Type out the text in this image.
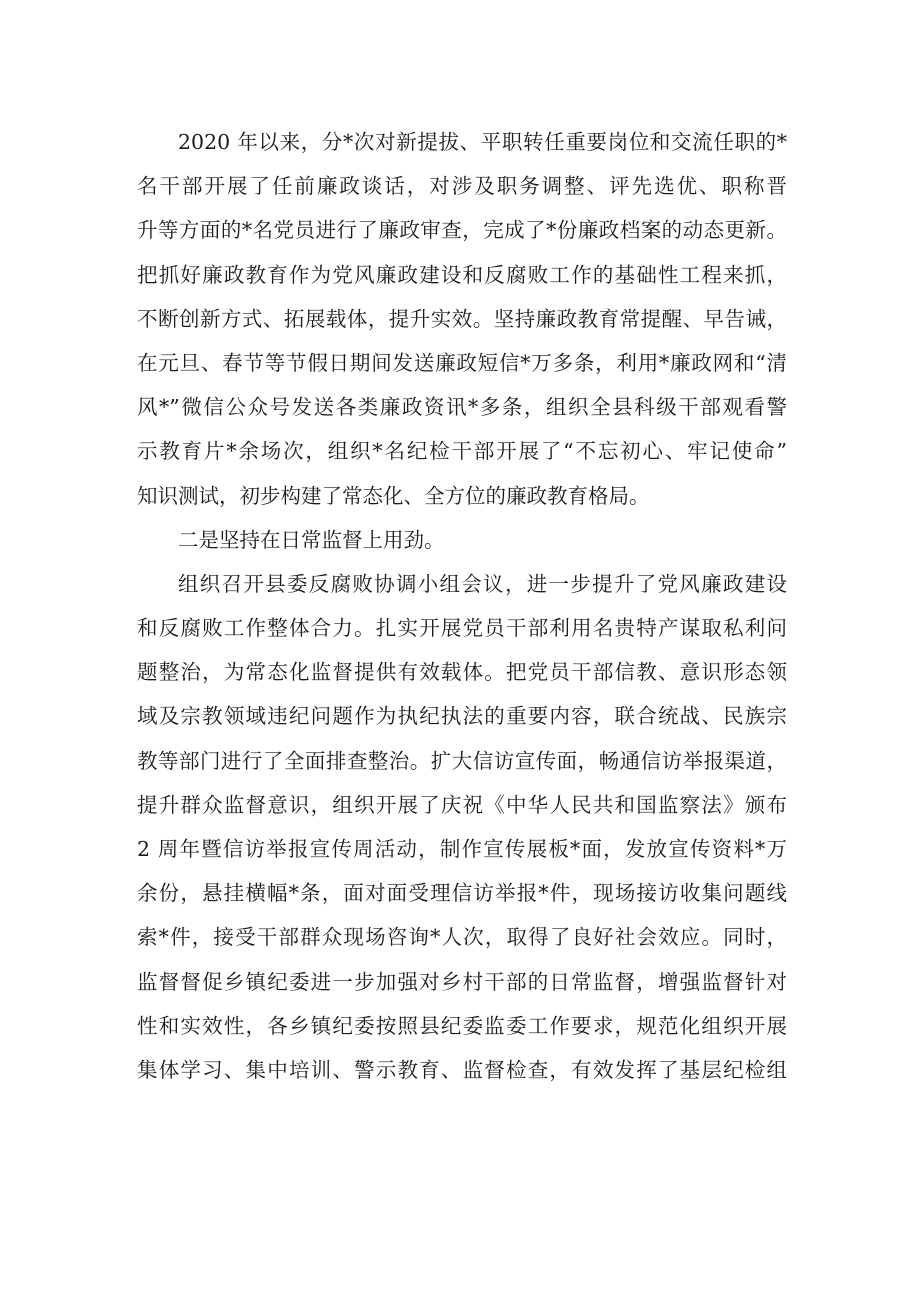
2020 年以来，分*次对新提拔、平职转任重要岗位和交流任职的*
名干部开展了任前廉政谈话，对涉及职务调整、评先选优、职称晋
升等方面的*名党员进行了廉政审查，完成了*份廉政档案的动态更新。
把抓好廉政教育作为党风廉政建设和反腐败工作的基础性工程来抓，
不断创新方式、拓展载体，提升实效。坚持廉政教育常提醒、早告诫，
在元旦、春节等节假日期间发送廉政短信*万多条，利用*廉政网和“清
风*”微信公众号发送各类廉政资讯*多条，组织全县科级干部观看警
示教育片*余场次，组织*名纪检干部开展了“不忘初心、牢记使命”
知识测试，初步构建了常态化、全方位的廉政教育格局。
二是坚持在日常监督上用劲。
组织召开县委反腐败协调小组会议，进一步提升了党风廉政建设
和反腐败工作整体合力。扎实开展党员干部利用名贵特产谋取私利问
题整治，为常态化监督提供有效载体。把党员干部信教、意识形态领
域及宗教领域违纪问题作为执纪执法的重要内容，联合统战、民族宗
教等部门进行了全面排查整治。扩大信访宣传面，畅通信访举报渠道，
提升群众监督意识，组织开展了庆祝《中华人民共和国监察法》颁布
2 周年暨信访举报宣传周活动，制作宣传展板*面，发放宣传资料*万
余份，悬挂横幅*条，面对面受理信访举报*件，现场接访收集问题线
索*件，接受干部群众现场咨询*人次，取得了良好社会效应。同时，
监督督促乡镇纪委进一步加强对乡村干部的日常监督，增强监督针对
性和实效性，各乡镇纪委按照县纪委监委工作要求，规范化组织开展
集体学习、集中培训、警示教育、监督检查，有效发挥了基层纪检组
